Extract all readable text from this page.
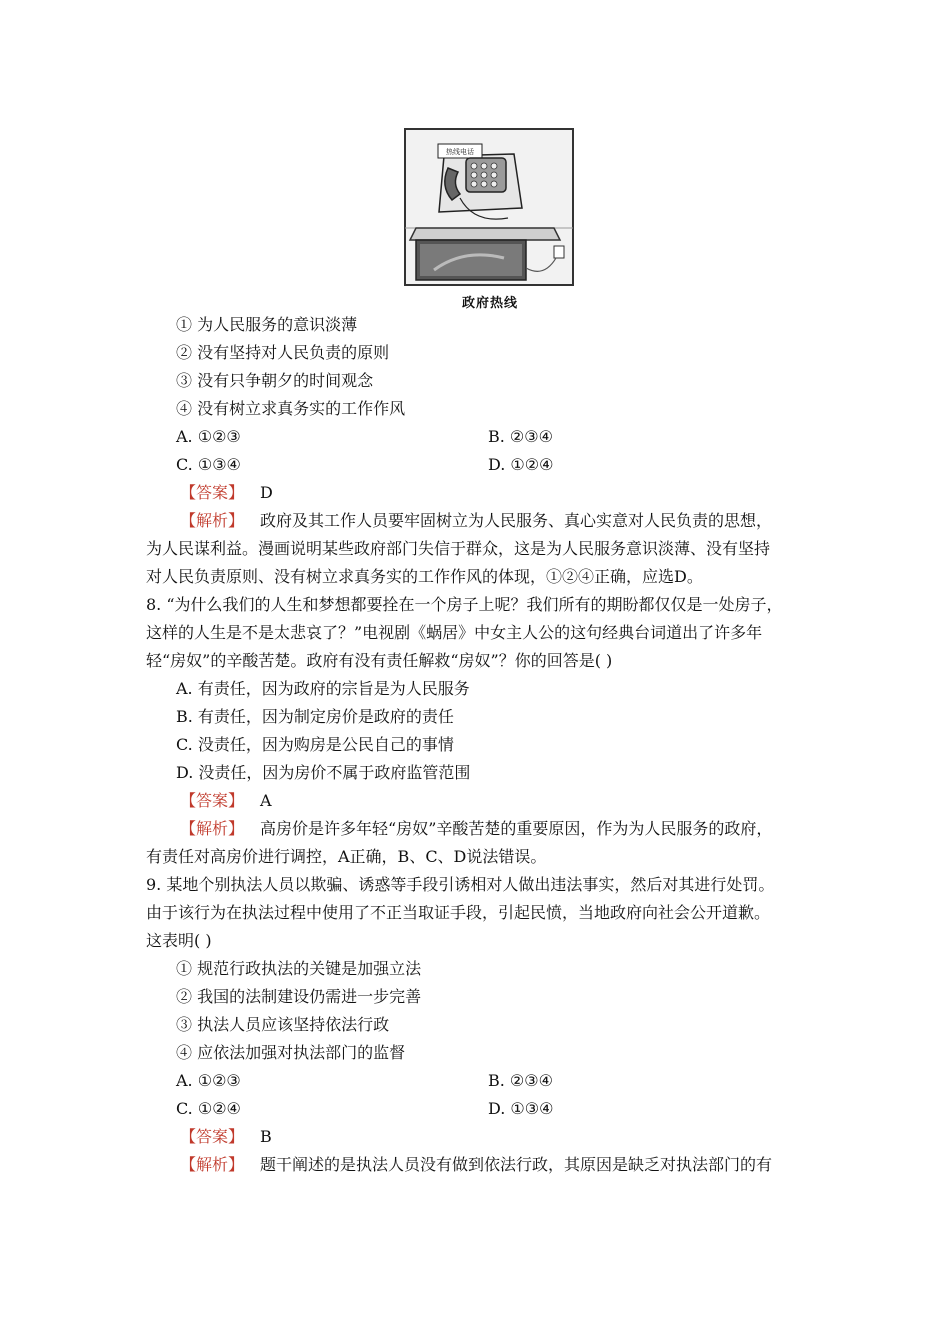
热线电话
政府热线
① 为人民服务的意识淡薄
② 没有坚持对人民负责的原则
③ 没有只争朝夕的时间观念
④ 没有树立求真务实的工作作风
A. ①②③	B. ②③④
C. ①③④	D. ①②④
【答案】 D
【解析】 政府及其工作人员要牢固树立为人民服务、真心实意对人民负责的思想，
为人民谋利益。漫画说明某些政府部门失信于群众，这是为人民服务意识淡薄、没有坚持
对人民负责原则、没有树立求真务实的工作作风的体现，①②④正确，应选D。
8. “为什么我们的人生和梦想都要拴在一个房子上呢？我们所有的期盼都仅仅是一处房子，
这样的人生是不是太悲哀了？”电视剧《蜗居》中女主人公的这句经典台词道出了许多年
轻“房奴”的辛酸苦楚。政府有没有责任解救“房奴”？你的回答是( )
A. 有责任，因为政府的宗旨是为人民服务
B. 有责任，因为制定房价是政府的责任
C. 没责任，因为购房是公民自己的事情
D. 没责任，因为房价不属于政府监管范围
【答案】 A
【解析】 高房价是许多年轻“房奴”辛酸苦楚的重要原因，作为为人民服务的政府，
有责任对高房价进行调控，A正确，B、C、D说法错误。
9. 某地个别执法人员以欺骗、诱惑等手段引诱相对人做出违法事实，然后对其进行处罚。
由于该行为在执法过程中使用了不正当取证手段，引起民愤，当地政府向社会公开道歉。
这表明( )
① 规范行政执法的关键是加强立法
② 我国的法制建设仍需进一步完善
③ 执法人员应该坚持依法行政
④ 应依法加强对执法部门的监督
A. ①②③	B. ②③④
C. ①②④	D. ①③④
【答案】 B
【解析】 题干阐述的是执法人员没有做到依法行政，其原因是缺乏对执法部门的有
